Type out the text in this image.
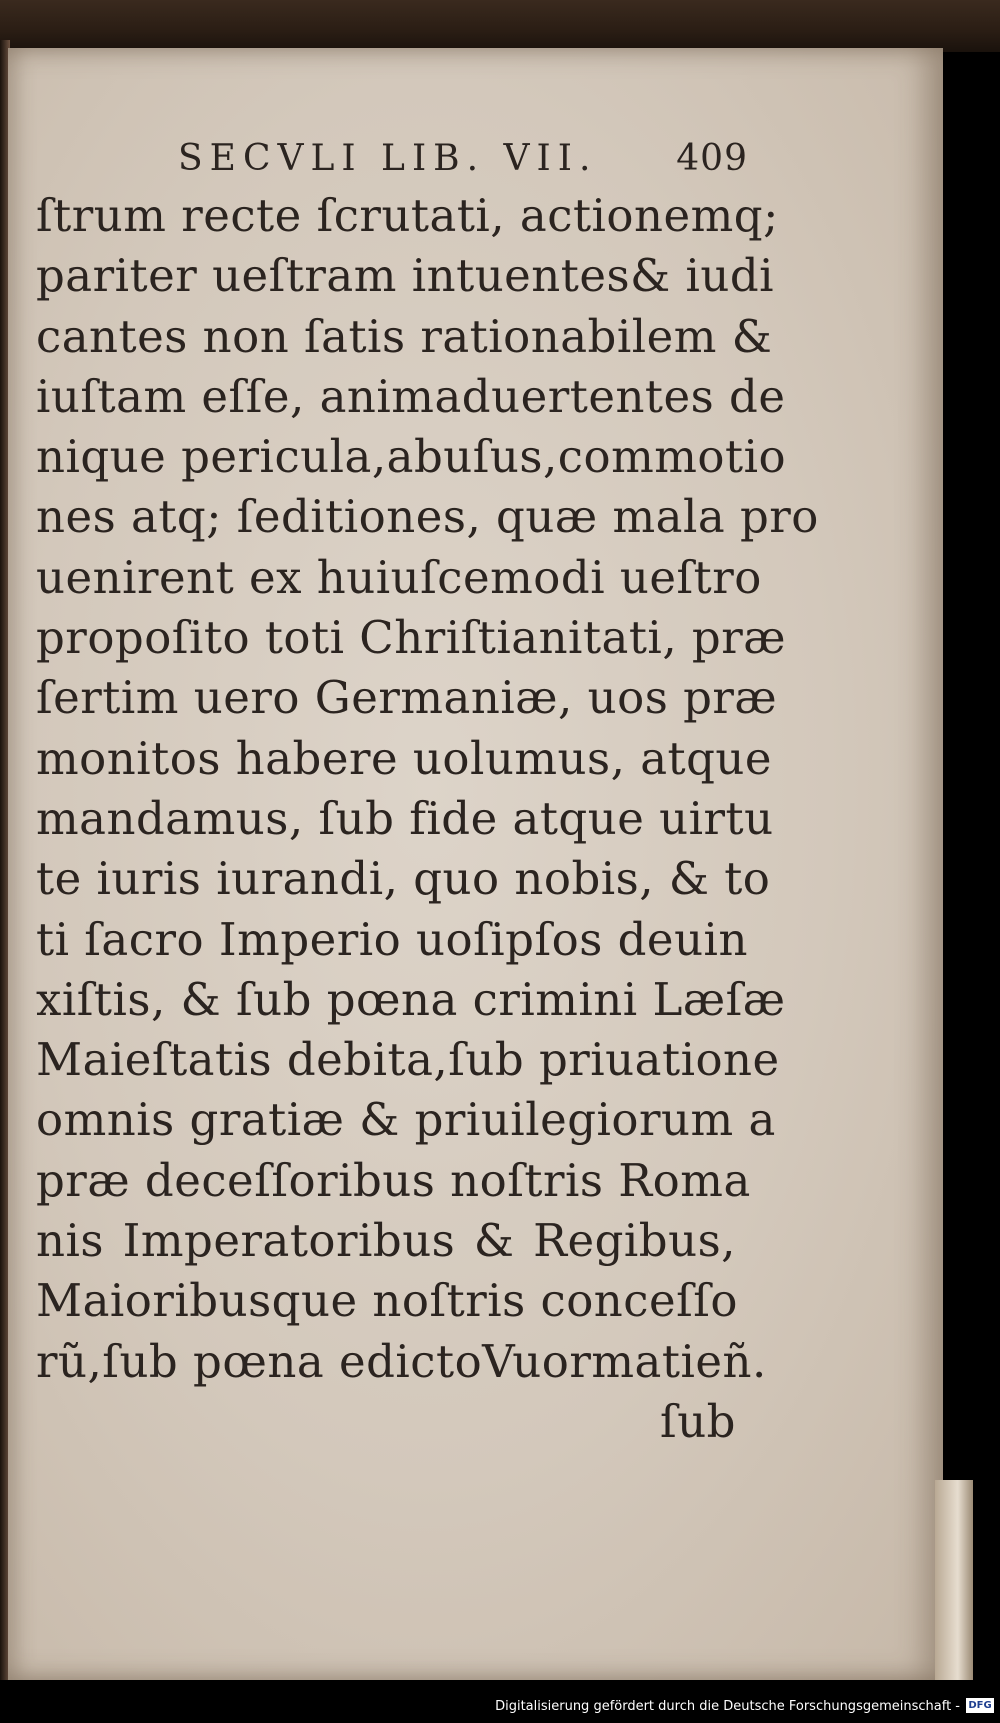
SECVLI LIB. VII. 409
ſtrum recte ſcrutati, actionemq;
pariter ueſtram intuentes& iudi
cantes non ſatis rationabilem &
iuſtam eſſe, animaduertentes de
nique pericula,abuſus,commotio
nes atq; ſeditiones, quæ mala pro
uenirent ex huiuſcemodi ueſtro
propoſito toti Chriſtianitati, præ
ſertim uero Germaniæ, uos præ
monitos habere uolumus, atque
mandamus, ſub fide atque uirtu
te iuris iurandi, quo nobis, & to
ti ſacro Imperio uoſipſos deuin
xiſtis, & ſub pœna crimini Læſæ
Maieſtatis debita,ſub priuatione
omnis gratiæ & priuilegiorum a
præ deceſſoribus noſtris Roma
nis Imperatoribus & Regibus,
Maioribusque noſtris conceſſo
rũ,ſub pœna edictoVuormatieñ.
ſub
Digitalisierung gefördert durch die Deutsche Forschungsgemeinschaft - DFG
